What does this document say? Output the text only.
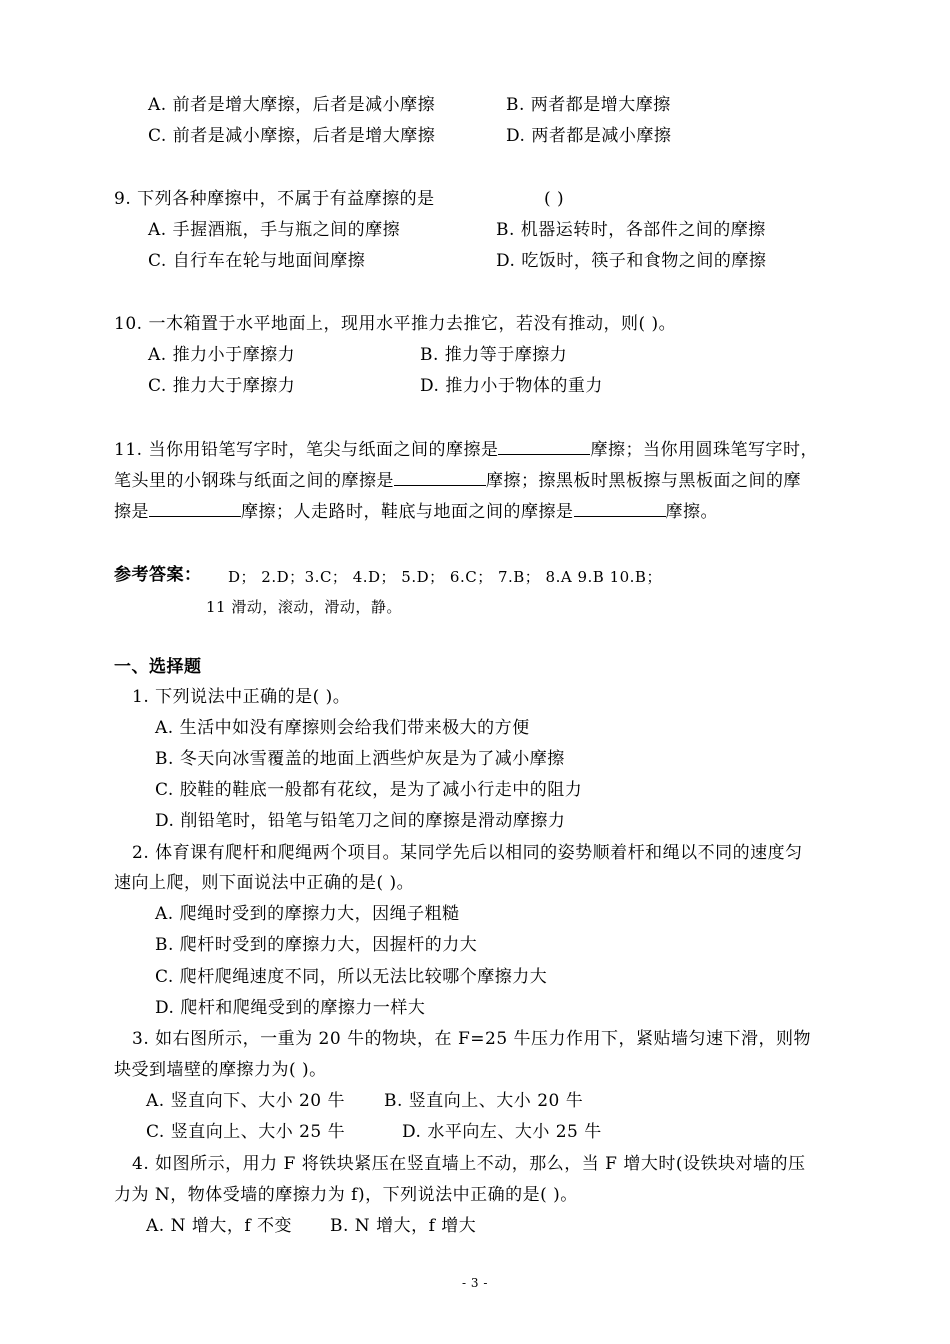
A. 前者是增大摩擦，后者是减小摩擦	B. 两者都是增大摩擦
C. 前者是减小摩擦，后者是增大摩擦	D. 两者都是减小摩擦
9. 下列各种摩擦中，不属于有益摩擦的是	( )
A. 手握酒瓶，手与瓶之间的摩擦	B. 机器运转时，各部件之间的摩擦
C. 自行车在轮与地面间摩擦	D. 吃饭时，筷子和食物之间的摩擦
10. 一木箱置于水平地面上，现用水平推力去推它，若没有推动，则( )。
A. 推力小于摩擦力	B. 推力等于摩擦力
C. 推力大于摩擦力	D. 推力小于物体的重力
11. 当你用铅笔写字时，笔尖与纸面之间的摩擦是	摩擦；当你用圆珠笔写字时，
笔头里的小钢珠与纸面之间的摩擦是	摩擦；擦黑板时黑板擦与黑板面之间的摩
擦是	摩擦；人走路时，鞋底与地面之间的摩擦是	摩擦。
参考答案： D； 2.D；3.C； 4.D； 5.D； 6.C； 7.B； 8.A 9.B 10.B；
11 滑动，滚动，滑动，静。
一、选择题
1. 下列说法中正确的是( )。
A. 生活中如没有摩擦则会给我们带来极大的方便
B. 冬天向冰雪覆盖的地面上洒些炉灰是为了减小摩擦
C. 胶鞋的鞋底一般都有花纹，是为了减小行走中的阻力
D. 削铅笔时，铅笔与铅笔刀之间的摩擦是滑动摩擦力
2. 体育课有爬杆和爬绳两个项目。某同学先后以相同的姿势顺着杆和绳以不同的速度匀
速向上爬，则下面说法中正确的是( )。
A. 爬绳时受到的摩擦力大，因绳子粗糙
B. 爬杆时受到的摩擦力大，因握杆的力大
C. 爬杆爬绳速度不同，所以无法比较哪个摩擦力大
D. 爬杆和爬绳受到的摩擦力一样大
3. 如右图所示，一重为 20 牛的物块，在 F=25 牛压力作用下，紧贴墙匀速下滑，则物
块受到墙壁的摩擦力为( )。
A. 竖直向下、大小 20 牛 B. 竖直向上、大小 20 牛
C. 竖直向上、大小 25 牛	D. 水平向左、大小 25 牛
4. 如图所示，用力 F 将铁块紧压在竖直墙上不动，那么，当 F 增大时(设铁块对墙的压
力为 N，物体受墙的摩擦力为 f)，下列说法中正确的是( )。
A. N 增大，f 不变 B. N 增大，f 增大
- 3 -
